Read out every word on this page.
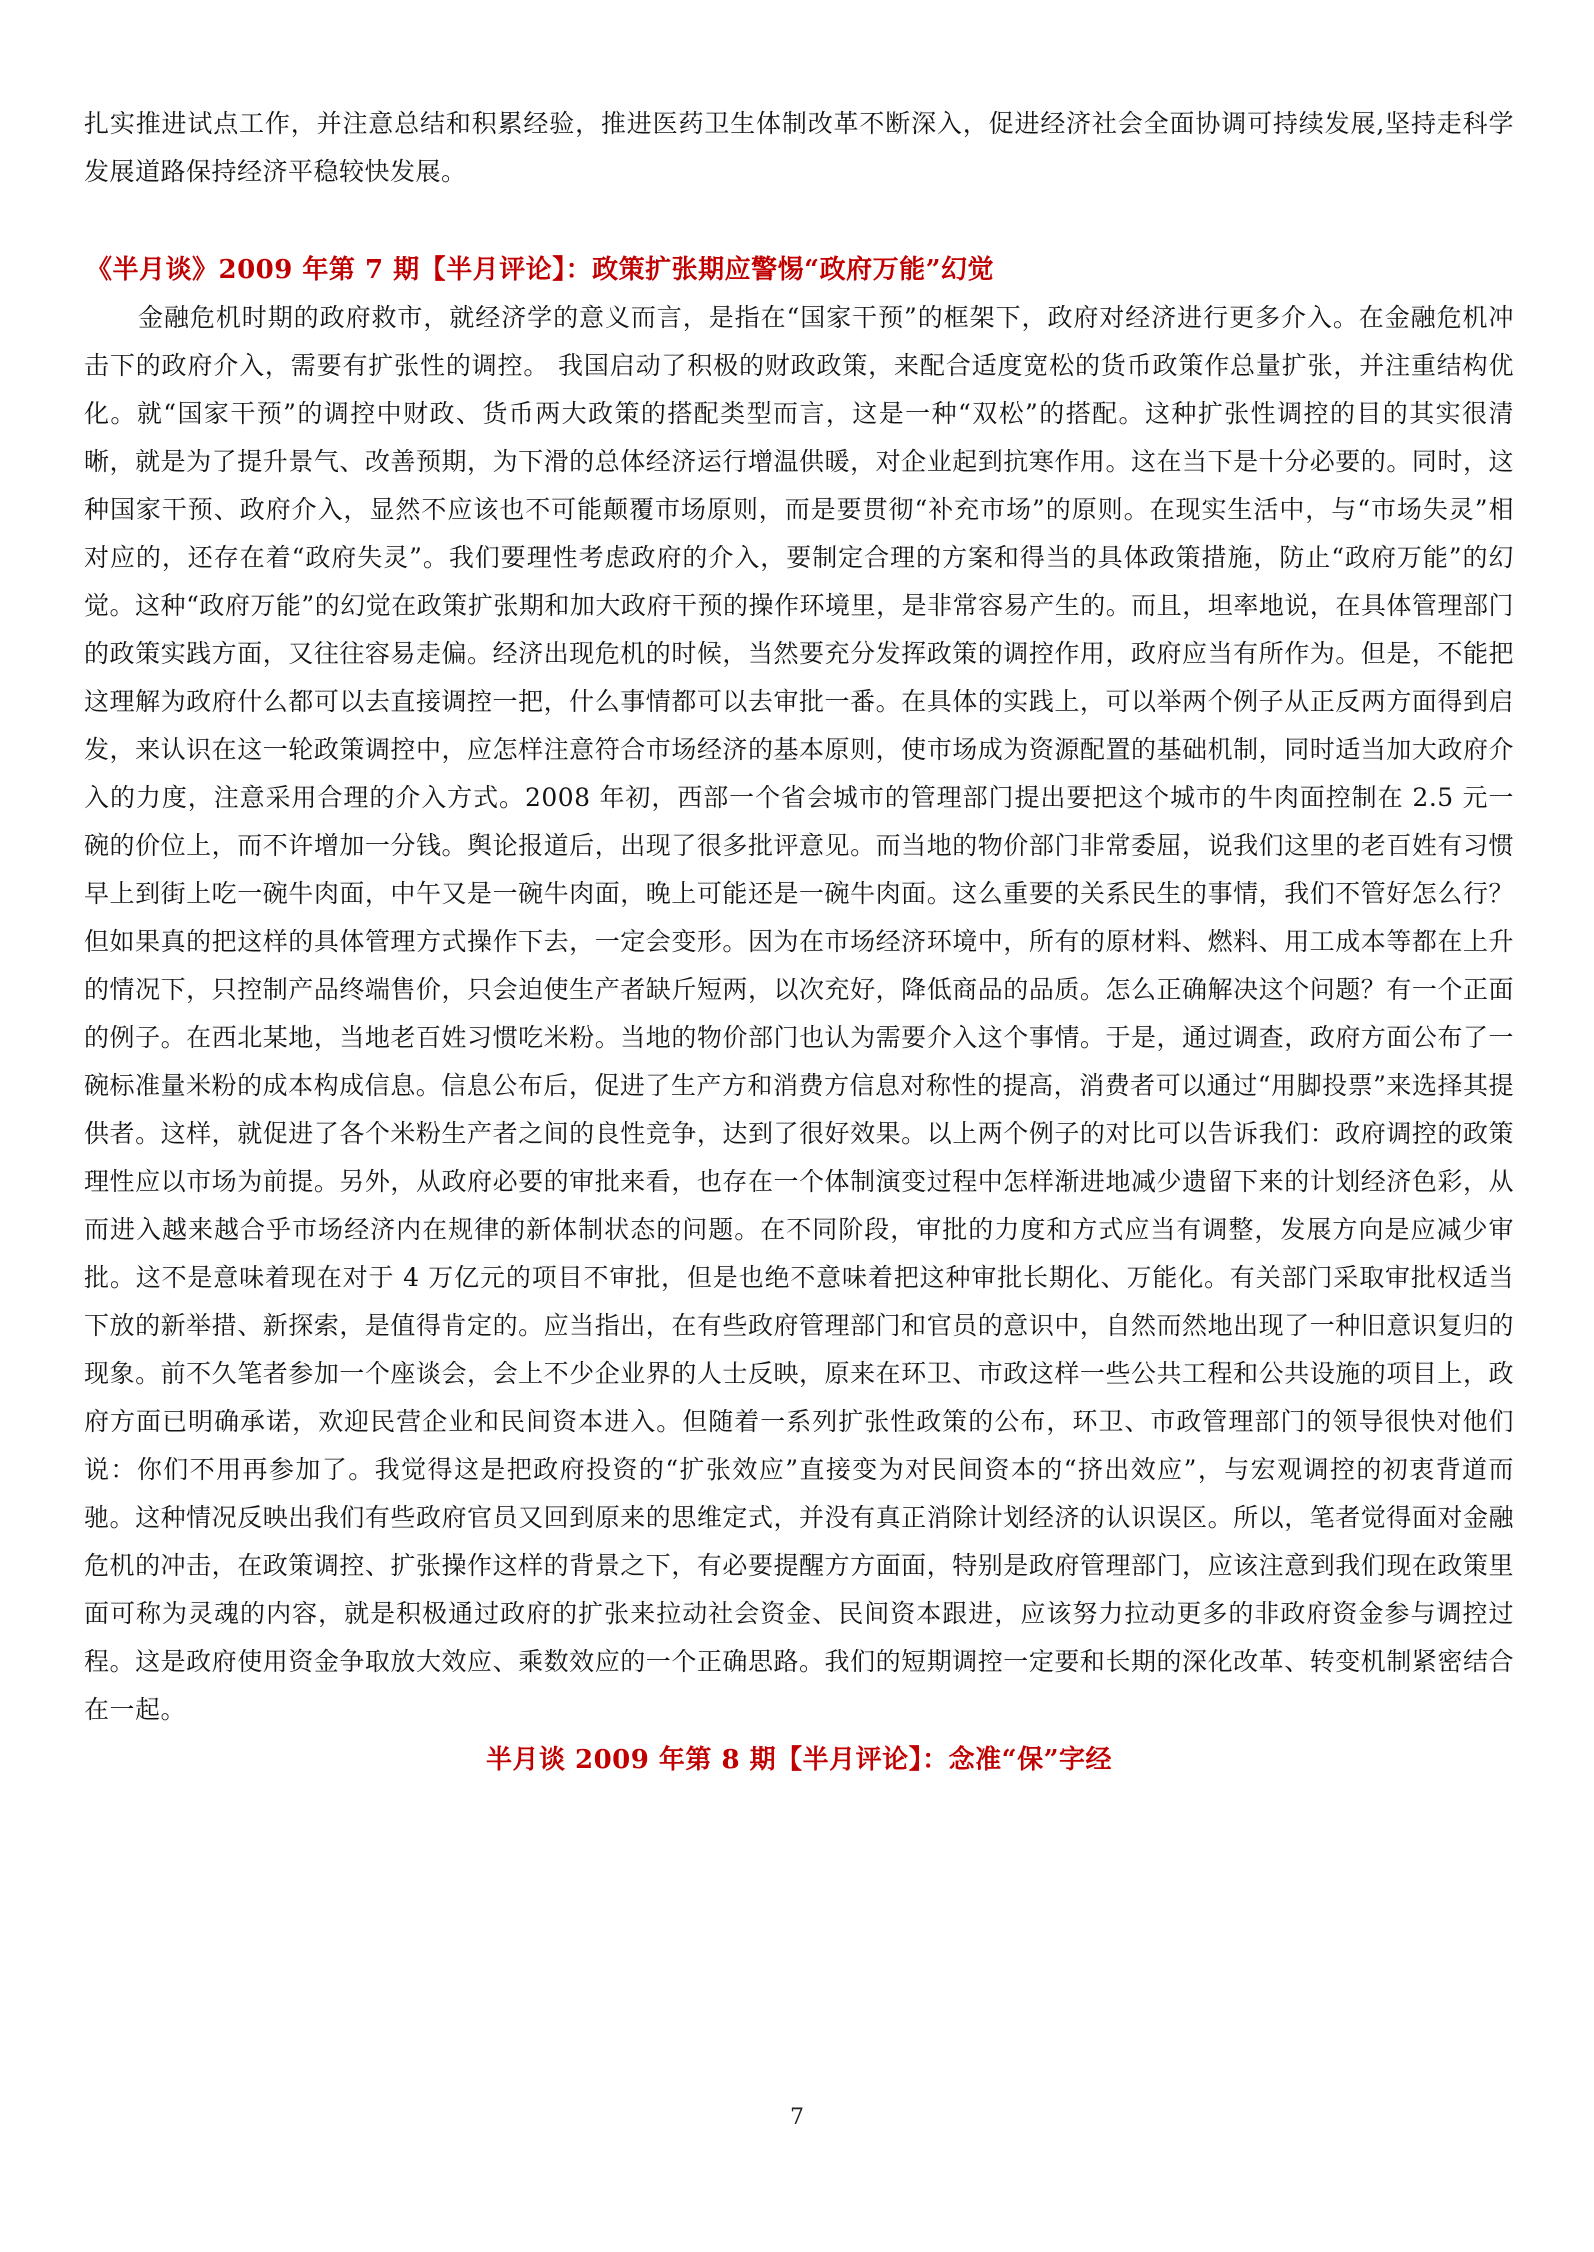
扎实推进试点工作，并注意总结和积累经验，推进医药卫生体制改革不断深入，促进经济社会全面协调可持续发展,坚持走科学发展道路保持经济平稳较快发展。

《半月谈》2009 年第 7 期【半月评论】：政策扩张期应警惕“政府万能”幻觉

金融危机时期的政府救市，就经济学的意义而言，是指在“国家干预”的框架下，政府对经济进行更多介入。在金融危机冲击下的政府介入，需要有扩张性的调控。 我国启动了积极的财政政策，来配合适度宽松的货币政策作总量扩张，并注重结构优化。就“国家干预”的调控中财政、货币两大政策的搭配类型而言，这是一种“双松”的搭配。这种扩张性调控的目的其实很清晰，就是为了提升景气、改善预期，为下滑的总体经济运行增温供暖，对企业起到抗寒作用。这在当下是十分必要的。同时，这种国家干预、政府介入，显然不应该也不可能颠覆市场原则，而是要贯彻“补充市场”的原则。在现实生活中，与“市场失灵”相对应的，还存在着“政府失灵”。我们要理性考虑政府的介入，要制定合理的方案和得当的具体政策措施，防止“政府万能”的幻觉。这种“政府万能”的幻觉在政策扩张期和加大政府干预的操作环境里，是非常容易产生的。而且，坦率地说，在具体管理部门的政策实践方面，又往往容易走偏。经济出现危机的时候，当然要充分发挥政策的调控作用，政府应当有所作为。但是，不能把这理解为政府什么都可以去直接调控一把，什么事情都可以去审批一番。在具体的实践上，可以举两个例子从正反两方面得到启发，来认识在这一轮政策调控中，应怎样注意符合市场经济的基本原则，使市场成为资源配置的基础机制，同时适当加大政府介入的力度，注意采用合理的介入方式。2008 年初，西部一个省会城市的管理部门提出要把这个城市的牛肉面控制在 2.5 元一碗的价位上，而不许增加一分钱。舆论报道后，出现了很多批评意见。而当地的物价部门非常委屈，说我们这里的老百姓有习惯早上到街上吃一碗牛肉面，中午又是一碗牛肉面，晚上可能还是一碗牛肉面。这么重要的关系民生的事情，我们不管好怎么行？但如果真的把这样的具体管理方式操作下去，一定会变形。因为在市场经济环境中，所有的原材料、燃料、用工成本等都在上升的情况下，只控制产品终端售价，只会迫使生产者缺斤短两，以次充好，降低商品的品质。怎么正确解决这个问题？有一个正面的例子。在西北某地，当地老百姓习惯吃米粉。当地的物价部门也认为需要介入这个事情。于是，通过调查，政府方面公布了一碗标准量米粉的成本构成信息。信息公布后，促进了生产方和消费方信息对称性的提高，消费者可以通过“用脚投票”来选择其提供者。这样，就促进了各个米粉生产者之间的良性竞争，达到了很好效果。以上两个例子的对比可以告诉我们：政府调控的政策理性应以市场为前提。另外，从政府必要的审批来看，也存在一个体制演变过程中怎样渐进地减少遗留下来的计划经济色彩，从而进入越来越合乎市场经济内在规律的新体制状态的问题。在不同阶段，审批的力度和方式应当有调整，发展方向是应减少审批。这不是意味着现在对于 4 万亿元的项目不审批，但是也绝不意味着把这种审批长期化、万能化。有关部门采取审批权适当下放的新举措、新探索，是值得肯定的。应当指出，在有些政府管理部门和官员的意识中，自然而然地出现了一种旧意识复归的现象。前不久笔者参加一个座谈会，会上不少企业界的人士反映，原来在环卫、市政这样一些公共工程和公共设施的项目上，政府方面已明确承诺，欢迎民营企业和民间资本进入。但随着一系列扩张性政策的公布，环卫、市政管理部门的领导很快对他们说：你们不用再参加了。我觉得这是把政府投资的“扩张效应”直接变为对民间资本的“挤出效应”，与宏观调控的初衷背道而驰。这种情况反映出我们有些政府官员又回到原来的思维定式，并没有真正消除计划经济的认识误区。所以，笔者觉得面对金融危机的冲击，在政策调控、扩张操作这样的背景之下，有必要提醒方方面面，特别是政府管理部门，应该注意到我们现在政策里面可称为灵魂的内容，就是积极通过政府的扩张来拉动社会资金、民间资本跟进，应该努力拉动更多的非政府资金参与调控过程。这是政府使用资金争取放大效应、乘数效应的一个正确思路。我们的短期调控一定要和长期的深化改革、转变机制紧密结合在一起。

半月谈 2009 年第 8 期【半月评论】：念准“保”字经
7
